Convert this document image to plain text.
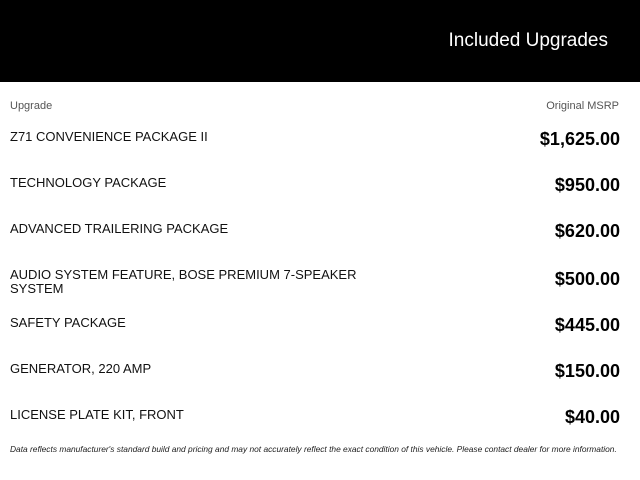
Included Upgrades
Upgrade	Original MSRP
Z71 CONVENIENCE PACKAGE II	$1,625.00
TECHNOLOGY PACKAGE	$950.00
ADVANCED TRAILERING PACKAGE	$620.00
AUDIO SYSTEM FEATURE, BOSE PREMIUM 7-SPEAKER SYSTEM	$500.00
SAFETY PACKAGE	$445.00
GENERATOR, 220 AMP	$150.00
LICENSE PLATE KIT, FRONT	$40.00
Data reflects manufacturer's standard build and pricing and may not accurately reflect the exact condition of this vehicle. Please contact dealer for more information.
